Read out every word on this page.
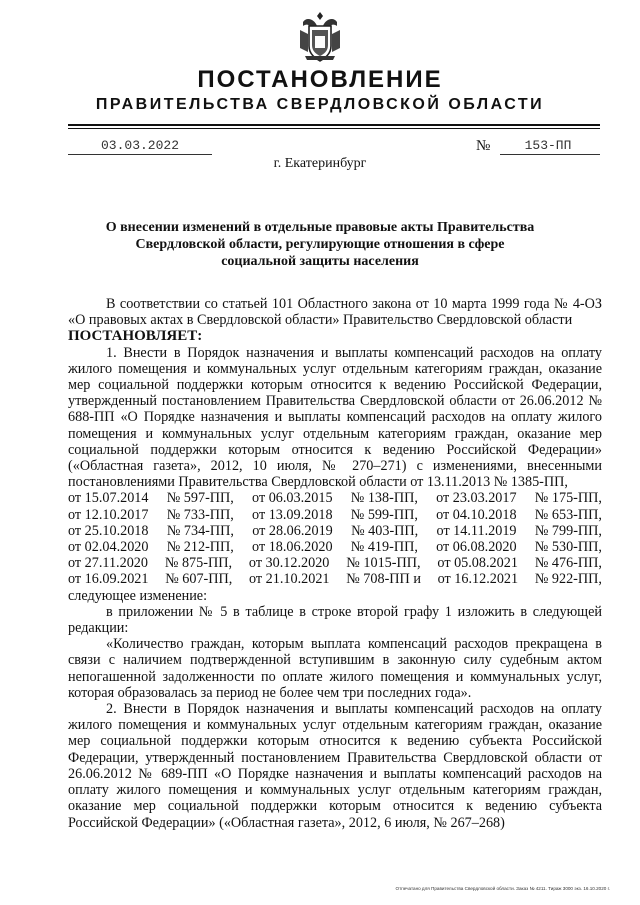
ПОСТАНОВЛЕНИЕ
ПРАВИТЕЛЬСТВА СВЕРДЛОВСКОЙ ОБЛАСТИ
03.03.2022	№	153-ПП
г. Екатеринбург
О внесении изменений в отдельные правовые акты Правительства
Свердловской области, регулирующие отношения в сфере
социальной защиты населения

В соответствии со статьей 101 Областного закона от 10 марта 1999 года № 4-ОЗ «О правовых актах в Свердловской области» Правительство Свердловской области

ПОСТАНОВЛЯЕТ:

1. Внести в Порядок назначения и выплаты компенсаций расходов на оплату жилого помещения и коммунальных услуг отдельным категориям граждан, оказание мер социальной поддержки которым относится к ведению Российской Федерации, утвержденный постановлением Правительства Свердловской области от 26.06.2012 № 688-ПП «О Порядке назначения и выплаты компенсаций расходов на оплату жилого помещения и коммунальных услуг отдельным категориям граждан, оказание мер социальной поддержки которым относится к ведению Российской Федерации» («Областная газета», 2012, 10 июля, № 270–271) с изменениями, внесенными постановлениями Правительства Свердловской области от 13.11.2013 № 1385-ПП,

от 15.07.2014 № 597-ПП, от 06.03.2015 № 138-ПП, от 23.03.2017 № 175-ПП,
от 12.10.2017 № 733-ПП, от 13.09.2018 № 599-ПП, от 04.10.2018 № 653-ПП,
от 25.10.2018 № 734-ПП, от 28.06.2019 № 403-ПП, от 14.11.2019 № 799-ПП,
от 02.04.2020 № 212-ПП, от 18.06.2020 № 419-ПП, от 06.08.2020 № 530-ПП,
от 27.11.2020 № 875-ПП, от 30.12.2020 № 1015-ПП, от 05.08.2021 № 476-ПП,
от 16.09.2021 № 607-ПП, от 21.10.2021 № 708-ПП и от 16.12.2021 № 922-ПП,

следующее изменение:

в приложении № 5 в таблице в строке второй графу 1 изложить в следующей редакции:

«Количество граждан, которым выплата компенсаций расходов прекращена в связи с наличием подтвержденной вступившим в законную силу судебным актом непогашенной задолженности по оплате жилого помещения и коммунальных услуг, которая образовалась за период не более чем три последних года».

2. Внести в Порядок назначения и выплаты компенсаций расходов на оплату жилого помещения и коммунальных услуг отдельным категориям граждан, оказание мер социальной поддержки которым относится к ведению субъекта Российской Федерации, утвержденный постановлением Правительства Свердловской области от 26.06.2012 № 689-ПП «О Порядке назначения и выплаты компенсаций расходов на оплату жилого помещения и коммунальных услуг отдельным категориям граждан, оказание мер социальной поддержки которым относится к ведению субъекта Российской Федерации» («Областная газета», 2012, 6 июля, № 267–268)

Отпечатано для Правительства Свердловской области. Заказ № 4211. Тираж 3000 экз. 16.10.2020 г.
